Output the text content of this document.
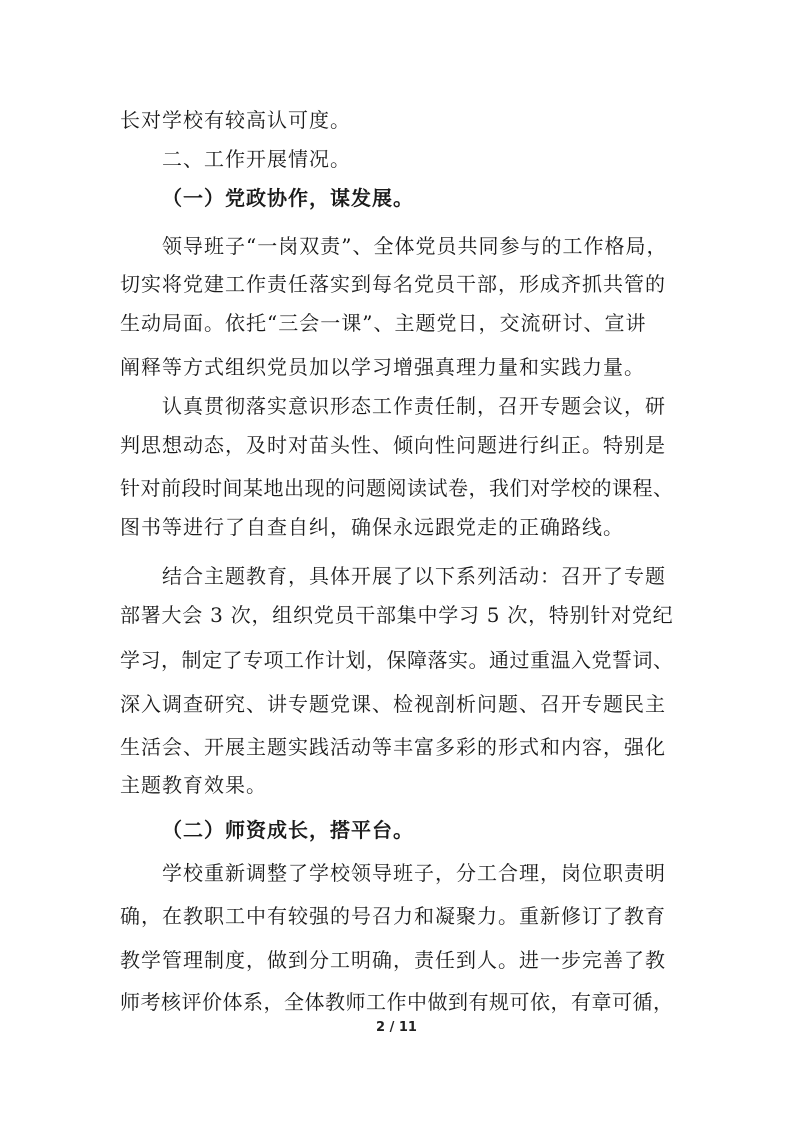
长对学校有较高认可度。
二、工作开展情况。
（一）党政协作，谋发展。
领导班子“一岗双责”、全体党员共同参与的工作格局，
切实将党建工作责任落实到每名党员干部，形成齐抓共管的
生动局面。依托“三会一课”、主题党日，交流研讨、宣讲
阐释等方式组织党员加以学习增强真理力量和实践力量。
认真贯彻落实意识形态工作责任制，召开专题会议，研
判思想动态，及时对苗头性、倾向性问题进行纠正。特别是
针对前段时间某地出现的问题阅读试卷，我们对学校的课程、
图书等进行了自查自纠，确保永远跟党走的正确路线。
结合主题教育，具体开展了以下系列活动：召开了专题
部署大会 3 次，组织党员干部集中学习 5 次，特别针对党纪
学习，制定了专项工作计划，保障落实。通过重温入党誓词、
深入调查研究、讲专题党课、检视剖析问题、召开专题民主
生活会、开展主题实践活动等丰富多彩的形式和内容，强化
主题教育效果。
（二）师资成长，搭平台。
学校重新调整了学校领导班子，分工合理，岗位职责明
确，在教职工中有较强的号召力和凝聚力。重新修订了教育
教学管理制度，做到分工明确，责任到人。进一步完善了教
师考核评价体系，全体教师工作中做到有规可依，有章可循，
2 / 11
